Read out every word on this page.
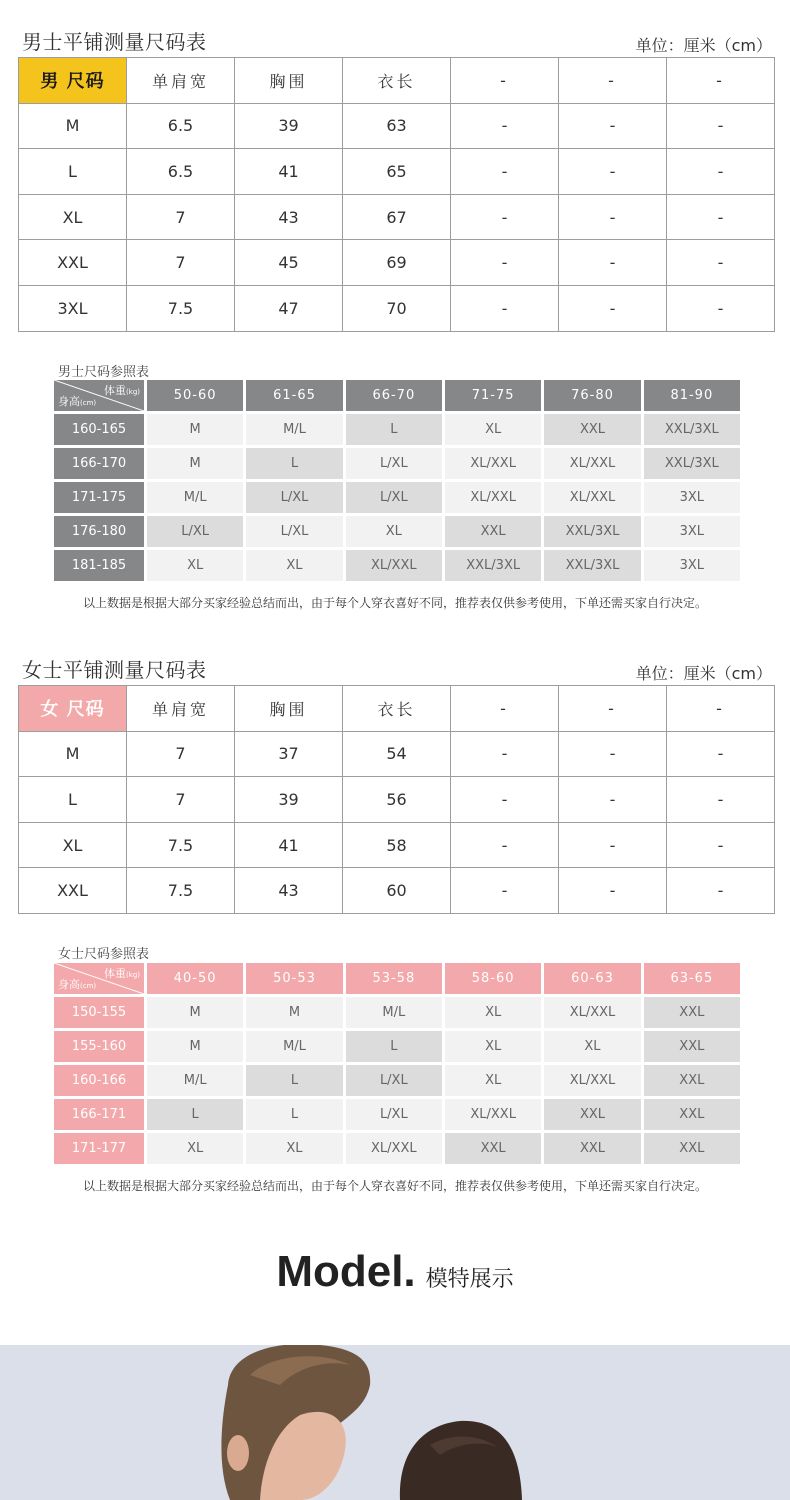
男士平铺测量尺码表	单位：厘米（cm）
男 尺码	单肩宽	胸围	衣长	-	-	-
M	6.5	39	63	-	-	-
L	6.5	41	65	-	-	-
XL	7	43	67	-	-	-
XXL	7	45	69	-	-	-
3XL	7.5	47	70	-	-	-
男士尺码参照表
体重(kg)
身高(cm)	50-60	61-65	66-70	71-75	76-80	81-90
160-165	M	M/L	L	XL	XXL	XXL/3XL
166-170	M	L	L/XL	XL/XXL	XL/XXL	XXL/3XL
171-175	M/L	L/XL	L/XL	XL/XXL	XL/XXL	3XL
176-180	L/XL	L/XL	XL	XXL	XXL/3XL	3XL
181-185	XL	XL	XL/XXL	XXL/3XL	XXL/3XL	3XL
以上数据是根据大部分买家经验总结而出，由于每个人穿衣喜好不同，推荐表仅供参考使用，下单还需买家自行决定。
女士平铺测量尺码表	单位：厘米（cm）
女 尺码	单肩宽	胸围	衣长	-	-	-
M	7	37	54	-	-	-
L	7	39	56	-	-	-
XL	7.5	41	58	-	-	-
XXL	7.5	43	60	-	-	-
女士尺码参照表
体重(kg)
身高(cm)	40-50	50-53	53-58	58-60	60-63	63-65
150-155	M	M	M/L	XL	XL/XXL	XXL
155-160	M	M/L	L	XL	XL	XXL
160-166	M/L	L	L/XL	XL	XL/XXL	XXL
166-171	L	L	L/XL	XL/XXL	XXL	XXL
171-177	XL	XL	XL/XXL	XXL	XXL	XXL
以上数据是根据大部分买家经验总结而出，由于每个人穿衣喜好不同，推荐表仅供参考使用，下单还需买家自行决定。
Model. 模特展示
